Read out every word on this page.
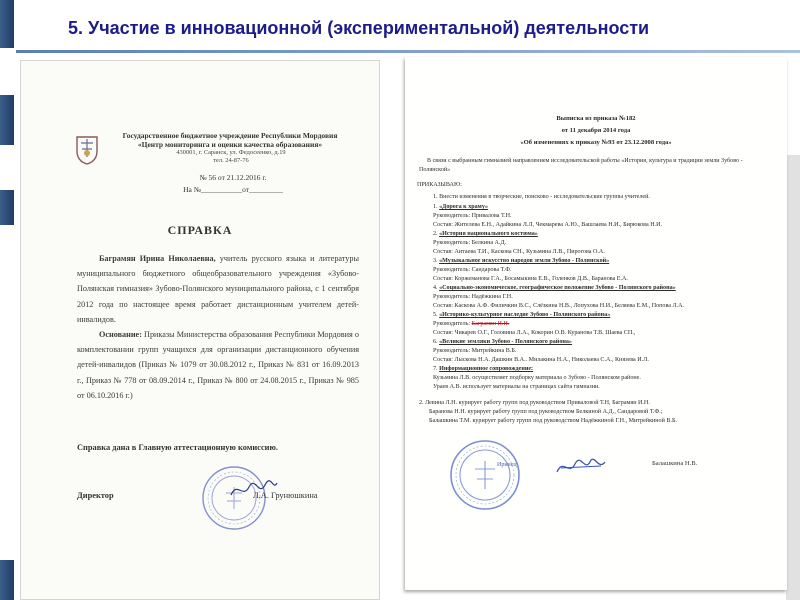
5. Участие в инновационной (экспериментальной) деятельности
Государственное бюджетное учреждение Республики Мордовия
«Центр мониторинга и оценки качества образования»
430001, г. Саранск, ул. Федосеенко, д.19
тел. 24-87-76
№ 56 от 21.12.2016 г.
На №___________от_________
СПРАВКА
Баграмян Ирина Николаевна, учитель русского языка и литературы муниципального бюджетного общеобразовательного учреждения «Зубово-Полянская гимназия» Зубово-Полянского муниципального района, с 1 сентября 2012 года по настоящее время работает дистанционным учителем детей-инвалидов.
Основание: Приказы Министерства образования Республики Мордовия о комплектовании групп учащихся для организации дистанционного обучения детей-инвалидов (Приказ № 1079 от 30.08.2012 г., Приказ № 831 от 16.09.2013 г., Приказ № 778 от 08.09.2014 г., Приказ № 800 от 24.08.2015 г., Приказ № 985 от 06.10.2016 г.)
Справка дана в Главную аттестационную комиссию.
Директор	Л.А. Грунюшкина
Выписка из приказа №182
от 11 декабря 2014 года
«Об изменениях к приказу №93 от 23.12.2008 года»
В связи с выбранным гимназией направлением исследовательской работы «История, культура и традиции земли Зубово - Полянской»
ПРИКАЗЫВАЮ:
1. Внести изменения в творческие, поисково - исследовательские группы учителей.
1. «Дорога к храму»
Руководитель: Привалова Т.Н.
Состав: Жителева Е.Н., Адайкина Л.Л, Чекмарева А.Ю., Вашлаева Н.И., Бирюкова Н.И.
2. «История национального костюма»
Руководитель: Белкина А.Д.
Состав: Аитаева Т.И., Каскова СН., Кузьмина Л.В., Пирогова О.А.
3. «Музыкальное искусство народов земли Зубово - Полянской»
Руководитель: Сандарова Т.Ф.
Состав: Коржеманова Г.А., Босамыкина Е.В., Голенков Д.В., Баранова Е.А.
4. «Социально-экономическое, географическое положение Зубово - Полянского района»
Руководитель: Надёжкина Г.Н.
Состав: Каскова А.Ф. Филичкин В.С., Слёзкина Н.В., Лопухова Н.И., Беляева Е.М., Попова Л.А.
5. «Историко-культурное наследие Зубово - Полянского района»
Руководитель: Баграмян И.Н.
Состав: Чикарев О.Г., Головина Л.А., Кокорин О.В. Куранова Т.В. Шаева СП.,
6. «Великие земляки Зубово - Полянского района»
Руководитель: Митрейкина В.Б.
Состав: Лыскова Н.А. Дашкин В.А.. Милакина Н.А., Николаева С.А., Князева И.Л.
7. Информационное сопровождение:
Кузьмина Л.В. осуществляет подборку материала о Зубово - Полянском районе.
Ураев А.В. использует материалы на страницах сайта гимназии.
2. Левина Л.Н. курирует работу групп под руководством Приваловой Т.Н, Баграмян И.Н.
Баранова Н.Н. курирует работу групп под руководством Белкиной А.Д., Сандаровой Т.Ф.;
Балашкина Т.М. курирует работу групп под руководством Надёжкиной Г.Н., Митрейкиной В.Б.
Иринец	Балашкина Н.В.
